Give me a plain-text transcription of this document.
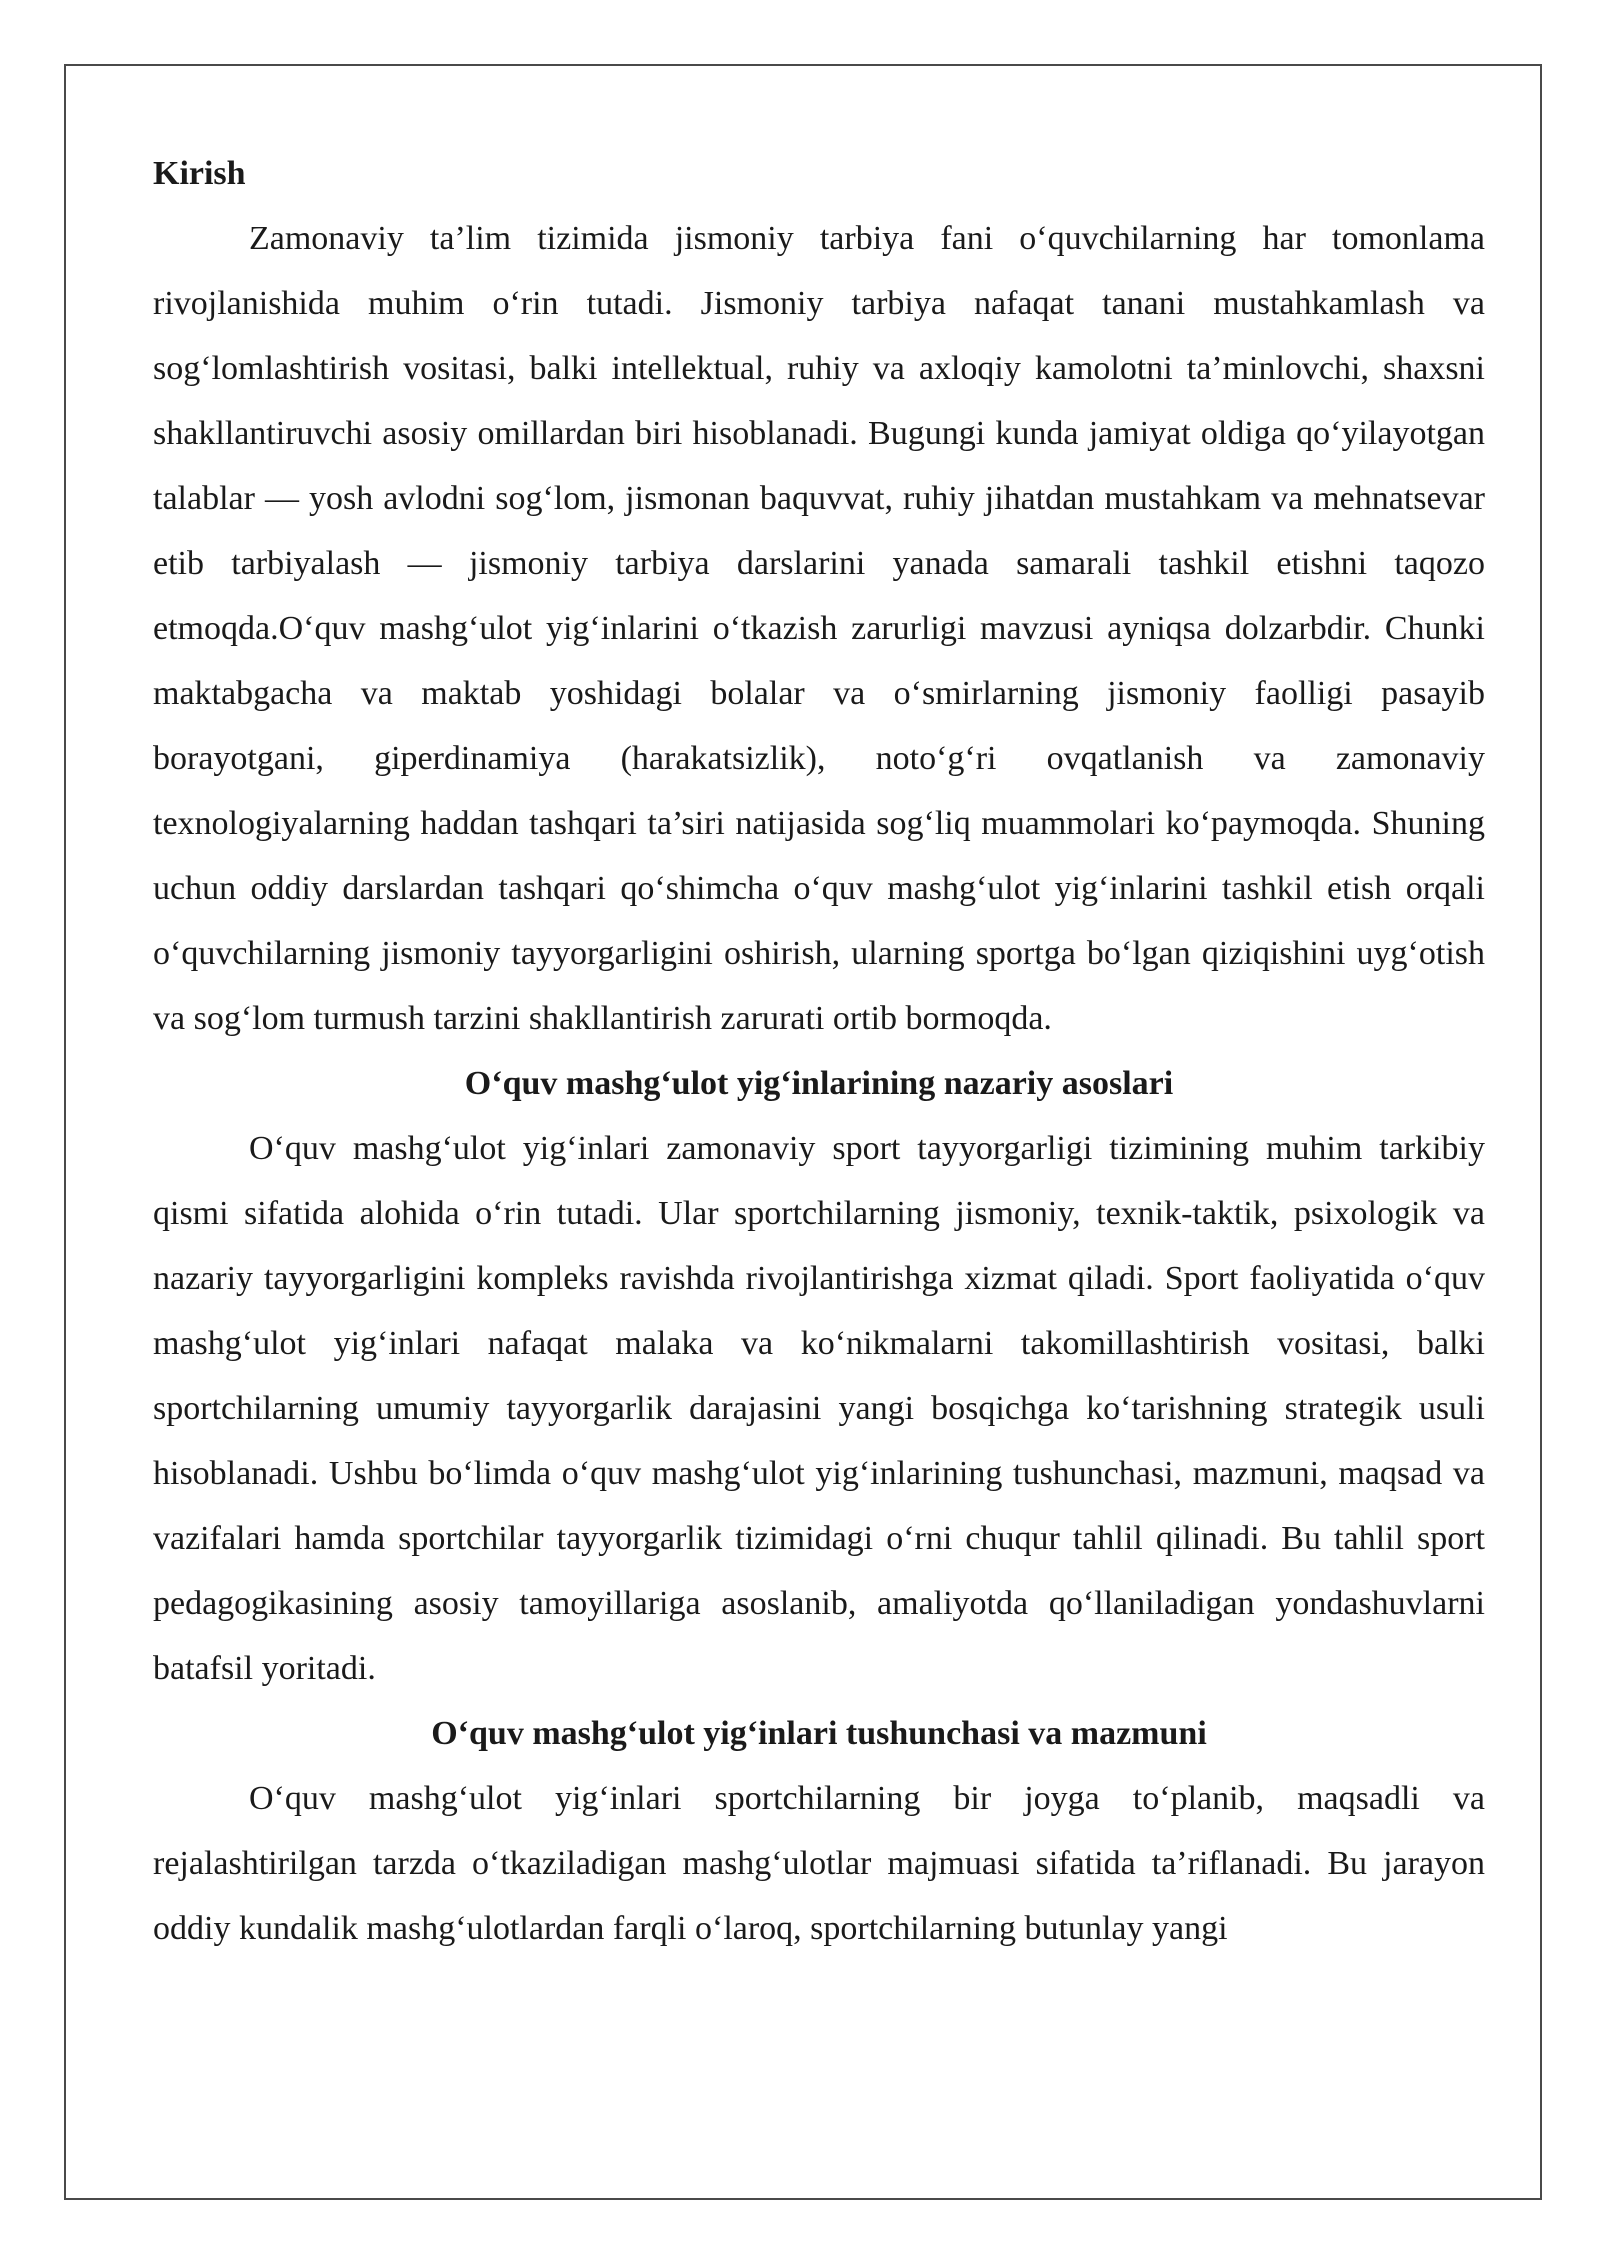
Kirish

Zamonaviy ta’lim tizimida jismoniy tarbiya fani o‘quvchilarning har tomonlama rivojlanishida muhim o‘rin tutadi. Jismoniy tarbiya nafaqat tanani mustahkamlash va sog‘lomlashtirish vositasi, balki intellektual, ruhiy va axloqiy kamolotni ta’minlovchi, shaxsni shakllantiruvchi asosiy omillardan biri hisoblanadi. Bugungi kunda jamiyat oldiga qo‘yilayotgan talablar — yosh avlodni sog‘lom, jismonan baquvvat, ruhiy jihatdan mustahkam va mehnatsevar etib tarbiyalash — jismoniy tarbiya darslarini yanada samarali tashkil etishni taqozo etmoqda.O‘quv mashg‘ulot yig‘inlarini o‘tkazish zarurligi mavzusi ayniqsa dolzarbdir. Chunki maktabgacha va maktab yoshidagi bolalar va o‘smirlarning jismoniy faolligi pasayib borayotgani, giperdinamiya (harakatsizlik), noto‘g‘ri ovqatlanish va zamonaviy texnologiyalarning haddan tashqari ta’siri natijasida sog‘liq muammolari ko‘paymoqda. Shuning uchun oddiy darslardan tashqari qo‘shimcha o‘quv mashg‘ulot yig‘inlarini tashkil etish orqali o‘quvchilarning jismoniy tayyorgarligini oshirish, ularning sportga bo‘lgan qiziqishini uyg‘otish va sog‘lom turmush tarzini shakllantirish zarurati ortib bormoqda.

O‘quv mashg‘ulot yig‘inlarining nazariy asoslari

O‘quv mashg‘ulot yig‘inlari zamonaviy sport tayyorgarligi tizimining muhim tarkibiy qismi sifatida alohida o‘rin tutadi. Ular sportchilarning jismoniy, texnik-taktik, psixologik va nazariy tayyorgarligini kompleks ravishda rivojlantirishga xizmat qiladi. Sport faoliyatida o‘quv mashg‘ulot yig‘inlari nafaqat malaka va ko‘nikmalarni takomillashtirish vositasi, balki sportchilarning umumiy tayyorgarlik darajasini yangi bosqichga ko‘tarishning strategik usuli hisoblanadi. Ushbu bo‘limda o‘quv mashg‘ulot yig‘inlarining tushunchasi, mazmuni, maqsad va vazifalari hamda sportchilar tayyorgarlik tizimidagi o‘rni chuqur tahlil qilinadi. Bu tahlil sport pedagogikasining asosiy tamoyillariga asoslanib, amaliyotda qo‘llaniladigan yondashuvlarni batafsil yoritadi.

O‘quv mashg‘ulot yig‘inlari tushunchasi va mazmuni

O‘quv mashg‘ulot yig‘inlari sportchilarning bir joyga to‘planib, maqsadli va rejalashtirilgan tarzda o‘tkaziladigan mashg‘ulotlar majmuasi sifatida ta’riflanadi. Bu jarayon oddiy kundalik mashg‘ulotlardan farqli o‘laroq, sportchilarning butunlay yangi
